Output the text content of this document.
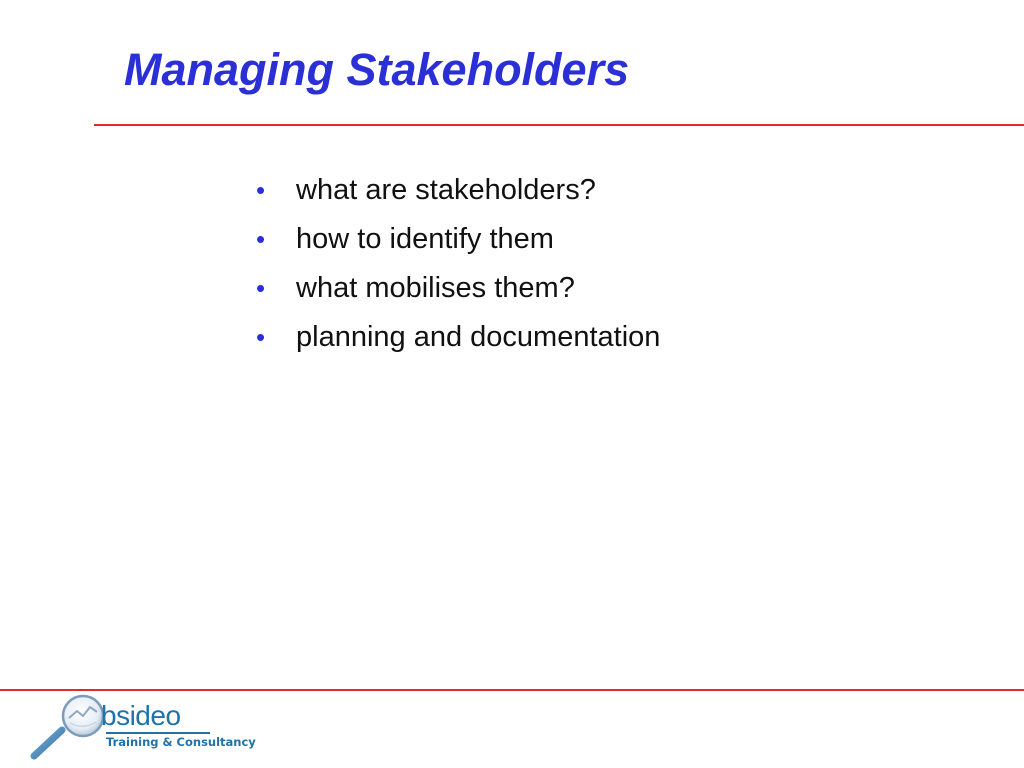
Managing Stakeholders
•	what are stakeholders?
•	how to identify them
•	what mobilises them?
•	planning and documentation
bsideo
Training & Consultancy
